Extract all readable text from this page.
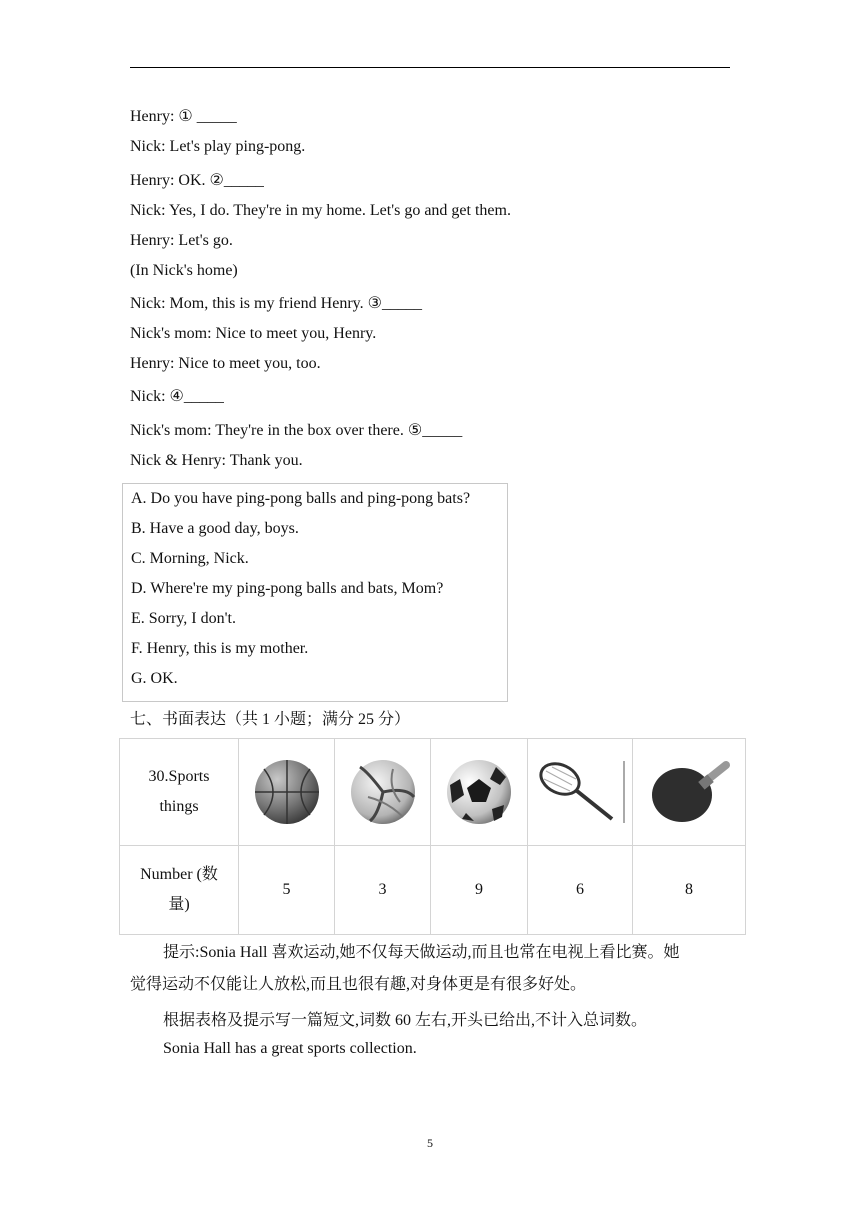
Henry: ① _____
Nick: Let's play ping-pong.
Henry: OK. ②_____
Nick: Yes, I do. They're in my home. Let's go and get them.
Henry: Let's go.
(In Nick's home)
Nick: Mom, this is my friend Henry. ③_____
Nick's mom: Nice to meet you, Henry.
Henry: Nice to meet you, too.
Nick: ④_____
Nick's mom: They're in the box over there. ⑤_____
Nick & Henry: Thank you.
A. Do you have ping-pong balls and ping-pong bats?
B. Have a good day, boys.
C. Morning, Nick.
D. Where're my ping-pong balls and bats, Mom?
E. Sorry, I don't.
F. Henry, this is my mother.
G. OK.
七、书面表达（共 1 小题；满分 25 分）
30.Sports
things

Number (数
量)	5	3	9	6	8
提示:Sonia Hall 喜欢运动,她不仅每天做运动,而且也常在电视上看比赛。她
觉得运动不仅能让人放松,而且也很有趣,对身体更是有很多好处。
根据表格及提示写一篇短文,词数 60 左右,开头已给出,不计入总词数。
Sonia Hall has a great sports collection.
5
